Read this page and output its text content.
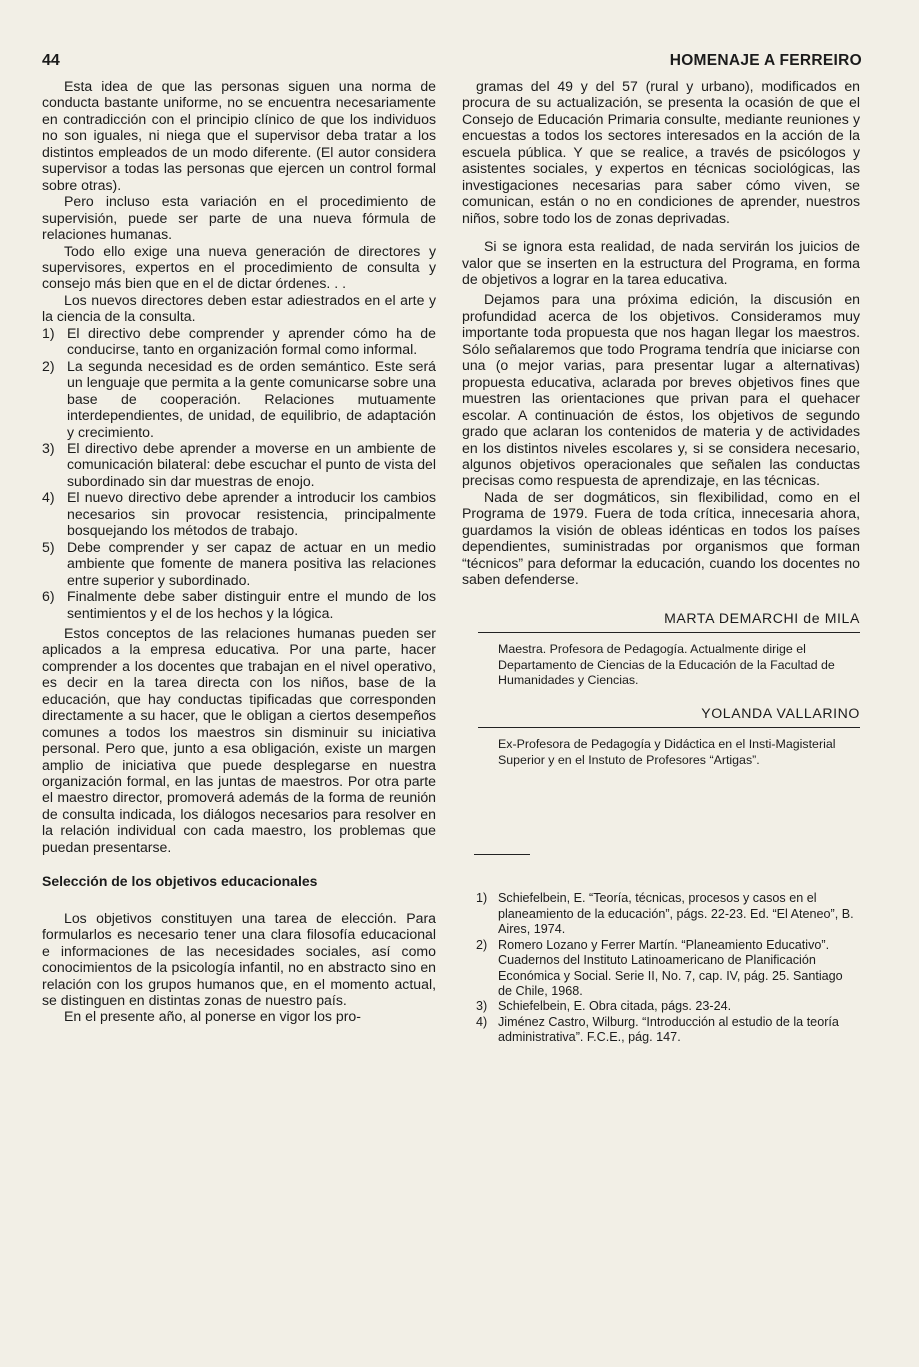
44	HOMENAJE A FERREIRO

Esta idea de que las personas siguen una norma de conducta bastante uniforme, no se encuentra necesariamente en contradicción con el principio clínico de que los individuos no son iguales, ni niega que el supervisor deba tratar a los distintos empleados de un modo diferente. (El autor considera supervisor a todas las personas que ejercen un control formal sobre otras).

Pero incluso esta variación en el procedimiento de supervisión, puede ser parte de una nueva fórmula de relaciones humanas.

Todo ello exige una nueva generación de directores y supervisores, expertos en el procedimiento de consulta y consejo más bien que en el de dictar órdenes. . .

Los nuevos directores deben estar adiestrados en el arte y la ciencia de la consulta.

1) El directivo debe comprender y aprender cómo ha de conducirse, tanto en organización formal como informal.
2) La segunda necesidad es de orden semántico. Este será un lenguaje que permita a la gente comunicarse sobre una base de cooperación. Relaciones mutuamente interdependientes, de unidad, de equilibrio, de adaptación y crecimiento.
3) El directivo debe aprender a moverse en un ambiente de comunicación bilateral: debe escuchar el punto de vista del subordinado sin dar muestras de enojo.
4) El nuevo directivo debe aprender a introducir los cambios necesarios sin provocar resistencia, principalmente bosquejando los métodos de trabajo.
5) Debe comprender y ser capaz de actuar en un medio ambiente que fomente de manera positiva las relaciones entre superior y subordinado.
6) Finalmente debe saber distinguir entre el mundo de los sentimientos y el de los hechos y la lógica.

Estos conceptos de las relaciones humanas pueden ser aplicados a la empresa educativa. Por una parte, hacer comprender a los docentes que trabajan en el nivel operativo, es decir en la tarea directa con los niños, base de la educación, que hay conductas tipificadas que corresponden directamente a su hacer, que le obligan a ciertos desempeños comunes a todos los maestros sin disminuir su iniciativa personal. Pero que, junto a esa obligación, existe un margen amplio de iniciativa que puede desplegarse en nuestra organización formal, en las juntas de maestros. Por otra parte el maestro director, promoverá además de la forma de reunión de consulta indicada, los diálogos necesarios para resolver en la relación individual con cada maestro, los problemas que puedan presentarse.

Selección de los objetivos educacionales

Los objetivos constituyen una tarea de elección. Para formularlos es necesario tener una clara filosofía educacional e informaciones de las necesidades sociales, así como conocimientos de la psicología infantil, no en abstracto sino en relación con los grupos humanos que, en el momento actual, se distinguen en distintas zonas de nuestro país.

En el presente año, al ponerse en vigor los pro-

gramas del 49 y del 57 (rural y urbano), modificados en procura de su actualización, se presenta la ocasión de que el Consejo de Educación Primaria consulte, mediante reuniones y encuestas a todos los sectores interesados en la acción de la escuela pública. Y que se realice, a través de psicólogos y asistentes sociales, y expertos en técnicas sociológicas, las investigaciones necesarias para saber cómo viven, se comunican, están o no en condiciones de aprender, nuestros niños, sobre todo los de zonas deprivadas.

Si se ignora esta realidad, de nada servirán los juicios de valor que se inserten en la estructura del Programa, en forma de objetivos a lograr en la tarea educativa.

Dejamos para una próxima edición, la discusión en profundidad acerca de los objetivos. Consideramos muy importante toda propuesta que nos hagan llegar los maestros. Sólo señalaremos que todo Programa tendría que iniciarse con una (o mejor varias, para presentar lugar a alternativas) propuesta educativa, aclarada por breves objetivos fines que muestren las orientaciones que privan para el quehacer escolar. A continuación de éstos, los objetivos de segundo grado que aclaran los contenidos de materia y de actividades en los distintos niveles escolares y, si se considera necesario, algunos objetivos operacionales que señalen las conductas precisas como respuesta de aprendizaje, en las técnicas.

Nada de ser dogmáticos, sin flexibilidad, como en el Programa de 1979. Fuera de toda crítica, innecesaria ahora, guardamos la visión de obleas idénticas en todos los países dependientes, suministradas por organismos que forman “técnicos” para deformar la educación, cuando los docentes no saben defenderse.

MARTA DEMARCHI de MILA
Maestra. Profesora de Pedagogía. Actualmente dirige el Departamento de Ciencias de la Educación de la Facultad de Humanidades y Ciencias.
YOLANDA VALLARINO
Ex-Profesora de Pedagogía y Didáctica en el Insti-Magisterial Superior y en el Instuto de Profesores “Artigas”.
1) Schiefelbein, E. “Teoría, técnicas, procesos y casos en el planeamiento de la educación”, págs. 22-23. Ed. “El Ateneo”, B. Aires, 1974.
2) Romero Lozano y Ferrer Martín. “Planeamiento Educativo”. Cuadernos del Instituto Latinoamericano de Planificación Económica y Social. Serie II, No. 7, cap. IV, pág. 25. Santiago de Chile, 1968.
3) Schiefelbein, E. Obra citada, págs. 23-24.
4) Jiménez Castro, Wilburg. “Introducción al estudio de la teoría administrativa”. F.C.E., pág. 147.
